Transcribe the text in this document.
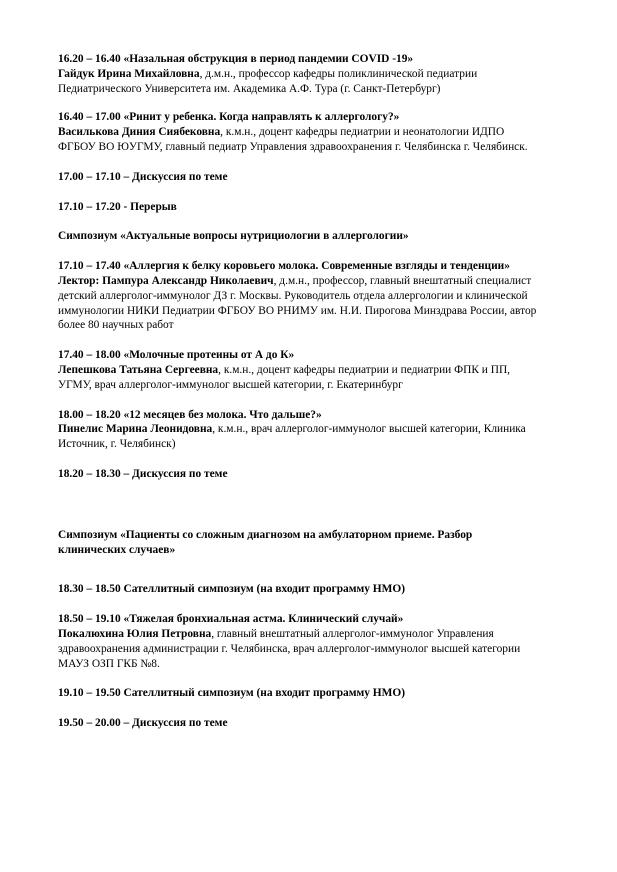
16.20 – 16.40 «Назальная обструкция в период пандемии COVID -19»
Гайдук Ирина Михайловна, д.м.н., профессор кафедры поликлинической педиатрии
Педиатрического Университета им. Академика А.Ф. Тура (г. Санкт-Петербург)
16.40 – 17.00 «Ринит у ребенка. Когда направлять к аллергологу?»
Василькова Диния Сиябековна, к.м.н., доцент кафедры педиатрии и неонатологии ИДПО
ФГБОУ ВО ЮУГМУ, главный педиатр Управления здравоохранения г. Челябинска г. Челябинск.
17.00 – 17.10 – Дискуссия по теме
17.10 – 17.20 - Перерыв
Симпозиум «Актуальные вопросы нутрициологии в аллергологии»
17.10 – 17.40 «Аллергия к белку коровьего молока. Современные взгляды и тенденции»
Лектор: Пампура Александр Николаевич, д.м.н., профессор, главный внештатный специалист
детский аллерголог-иммунолог ДЗ г. Москвы. Руководитель отдела аллергологии и клинической
иммунологии НИКИ Педиатрии ФГБОУ ВО РНИМУ им. Н.И. Пирогова Минздрава России, автор
более 80 научных работ
17.40 – 18.00 «Молочные протеины от А до К»
Лепешкова Татьяна Сергеевна, к.м.н., доцент кафедры педиатрии и педиатрии ФПК и ПП,
УГМУ, врач аллерголог-иммунолог высшей категории, г. Екатеринбург
18.00 – 18.20 «12 месяцев без молока. Что дальше?»
Пинелис Марина Леонидовна, к.м.н., врач аллерголог-иммунолог высшей категории, Клиника
Источник, г. Челябинск)
18.20 – 18.30 – Дискуссия по теме
Симпозиум «Пациенты со сложным диагнозом на амбулаторном приеме. Разбор
клинических случаев»
18.30 – 18.50 Сателлитный симпозиум (на входит программу НМО)
18.50 – 19.10 «Тяжелая бронхиальная астма. Клинический случай»
Покалюхина Юлия Петровна, главный внештатный аллерголог-иммунолог Управления
здравоохранения администрации г. Челябинска, врач аллерголог-иммунолог высшей категории
МАУЗ ОЗП ГКБ №8.
19.10 – 19.50 Сателлитный симпозиум (на входит программу НМО)
19.50 – 20.00 – Дискуссия по теме
